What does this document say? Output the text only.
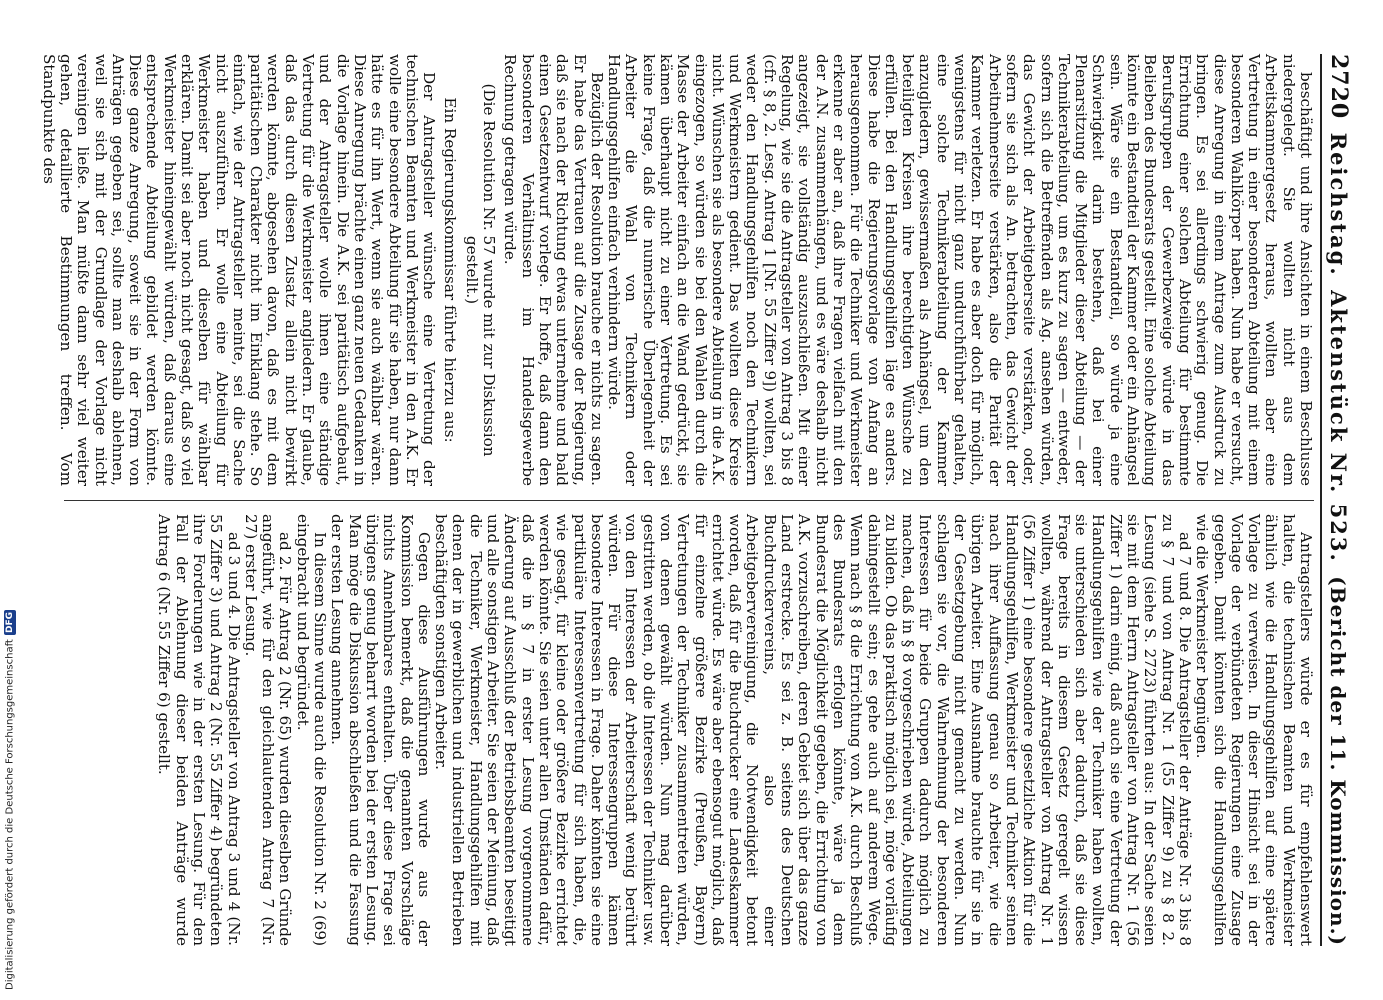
Digitalisierung gefördert durch die Deutsche Forschungsgemeinschaft
DFG
2720
Reichstag.
Aktenstück Nr. 523.
(Bericht der 11. Kommission.)

beschäftigt und ihre Ansichten in einem Beschlusse niedergelegt. Sie wollten nicht aus dem Arbeitskammergesetz heraus, wollten aber eine Vertretung in einer besonderen Abteilung mit einem besonderen Wahlkörper haben. Nun habe er versucht, diese Anregung in einem Antrage zum Ausdruck zu bringen. Es sei allerdings schwierig genug. Die Errichtung einer solchen Abteilung für bestimmte Berufsgruppen der Gewerbezweige würde in das Belieben des Bundesrats gestellt. Eine solche Abteilung könnte ein Bestandteil der Kammer oder ein Anhängsel sein. Wäre sie ein Bestandteil, so würde ja eine Schwierigkeit darin bestehen, daß bei einer Plenarsitzung die Mitglieder dieser Abteilung — der Technikerabteilung, um es kurz zu sagen — entweder, sofern sich die Betreffenden als Ag. ansehen würden, das Gewicht der Arbeitgeberseite verstärken, oder, sofern sie sich als An. betrachten, das Gewicht der Arbeitnehmerseite verstärken, also die Parität der Kammer verletzen. Er habe es aber doch für möglich, wenigstens für nicht ganz undurchführbar gehalten, eine solche Technikerabteilung der Kammer anzugliedern, gewissermaßen als Anhängsel, um den beteiligten Kreisen ihre berechtigten Wünsche zu erfüllen. Bei den Handlungsgehilfen läge es anders. Diese habe die Regierungsvorlage von Anfang an herausgenommen. Für die Techniker und Werkmeister erkenne er aber an, daß ihre Fragen vielfach mit den der A.N. zusammenhängen, und es wäre deshalb nicht angezeigt, sie vollständig auszuschließen. Mit einer Regelung, wie sie die Antragsteller von Antrag 3 bis 8 (cfr. § 8, 2. Lesg. Antrag 1 [Nr. 55 Ziffer 9]) wollten, sei weder den Handlungsgehilfen noch den Technikern und Werkmeistern gedient. Das wollten diese Kreise nicht. Wünschen sie als besondere Abteilung in die A.K. eingezogen, so würden sie bei den Wahlen durch die Masse der Arbeiter einfach an die Wand gedrückt, sie kämen überhaupt nicht zu einer Vertretung. Es sei keine Frage, daß die numerische Überlegenheit der Arbeiter die Wahl von Technikern oder Handlungsgehilfen einfach verhindern würde.

Bezüglich der Resolution brauche er nichts zu sagen. Er habe das Vertrauen auf die Zusage der Regierung, daß sie nach der Richtung etwas unternehme und bald einen Gesetzentwurf vorlege. Er hoffe, daß dann den besonderen Verhältnissen im Handelsgewerbe Rechnung getragen würde.

(Die Resolution Nr. 57 wurde mit zur Diskussion gestellt.)

Ein Regierungskommissar führte hierzu aus:

Der Antragsteller wünsche eine Vertretung der technischen Beamten und Werkmeister in den A.K. Er wolle eine besondere Abteilung für sie haben, nur dann hätte es für ihn Wert, wenn sie auch wählbar wären. Diese Anregung brächte einen ganz neuen Gedanken in die Vorlage hinein. Die A.K. sei paritätisch aufgebaut, und der Antragsteller wolle ihnen eine ständige Vertretung für die Werkmeister angliedern. Er glaube, daß das durch diesen Zusatz allein nicht bewirkt werden könnte, abgesehen davon, daß es mit dem paritätischen Charakter nicht im Einklang stehe. So einfach, wie der Antragsteller meinte, sei die Sache nicht auszuführen. Er wolle eine Abteilung für Werkmeister haben und dieselben für wählbar erklären. Damit sei aber noch nicht gesagt, daß so viel Werkmeister hineingewählt würden, daß daraus eine entsprechende Abteilung gebildet werden könnte. Diese ganze Anregung, soweit sie in der Form von Anträgen gegeben sei, sollte man deshalb ablehnen, weil sie sich mit der Grundlage der Vorlage nicht vereinigen ließe. Man müßte dann sehr viel weiter gehen, detaillierte Bestimmungen treffen. Vom Standpunkte des

Antragstellers würde er es für empfehlenswert halten, die technischen Beamten und Werkmeister ähnlich wie die Handlungsgehilfen auf eine spätere Vorlage zu verweisen. In dieser Hinsicht sei in der Vorlage der verbündeten Regierungen eine Zusage gegeben. Damit könnten sich die Handlungsgehilfen wie die Werkmeister begnügen.

ad 7 und 8. Die Antragsteller der Anträge Nr. 3 bis 8 zu § 7 und von Antrag Nr. 1 (55 Ziffer 9) zu § 8 2. Lesung (siehe S. 2723) führten aus: In der Sache seien sie mit dem Herrn Antragsteller von Antrag Nr. 1 (56 Ziffer 1) darin einig, daß auch sie eine Vertretung der Handlungsgehilfen wie der Techniker haben wollten, sie unterschieden sich aber dadurch, daß sie diese Frage bereits in diesem Gesetz geregelt wissen wollten, während der Antragsteller von Antrag Nr. 1 (56 Ziffer 1) eine besondere gesetzliche Aktion für die Handlungsgehilfen, Werkmeister und Techniker seinen nach ihrer Auffassung genau so Arbeiter, wie die übrigen Arbeiter. Eine Ausnahme brauchte für sie in der Gesetzgebung nicht gemacht zu werden. Nun schlagen sie vor, die Wahrnehmung der besonderen Interessen für beide Gruppen dadurch möglich zu machen, daß in § 8 vorgeschrieben würde, Abteilungen zu bilden. Ob das praktisch möglich sei, möge vorläufig dahingestellt sein; es gehe auch auf anderem Wege. Wenn nach § 8 die Errichtung von A.K. durch Beschluß des Bundesrats erfolgen könnte, wäre ja dem Bundesrat die Möglichkeit gegeben, die Errichtung von A.K. vorzuschreiben, deren Gebiet sich über das ganze Land erstrecke. Es sei z. B. seitens des Deutschen Buchdruckervereins, also einer Arbeitgebervereinigung, die Notwendigkeit betont worden, daß für die Buchdrucker eine Landeskammer errichtet würde. Es wäre aber ebensogut möglich, daß für einzelne größere Bezirke (Preußen, Bayern) Vertretungen der Techniker zusammentreten würden, von denen gewählt würden. Nun mag darüber gestritten werden, ob die Interessen der Techniker usw. von den Interessen der Arbeiterschaft wenig berührt würden. Für diese Interessengruppen kämen besondere Interessen in Frage. Daher könnten sie eine partikuläre Interessenvertretung für sich haben, die, wie gesagt, für kleine oder größere Bezirke errichtet werden könnte. Sie seien unter allen Umständen dafür, daß die in § 7 in erster Lesung vorgenommene Änderung auf Ausschluß der Betriebsbeamten beseitigt und alle sonstigen Arbeiter. Sie seien der Meinung, daß die Techniker, Werkmeister, Handlungsgehilfen mit denen der in gewerblichen und industriellen Betrieben beschäftigten sonstigen Arbeiter.

Gegen diese Ausführungen wurde aus der Kommission bemerkt, daß die genannten Vorschläge nichts Annehmbares enthalten. Über diese Frage sei übrigens genug beharrt worden bei der ersten Lesung. Man möge die Diskussion abschließen und die Fassung der ersten Lesung annehmen.

In diesem Sinne wurde auch die Resolution Nr. 2 (69) eingebracht und begründet.

ad 2. Für Antrag 2 (Nr. 65) wurden dieselben Gründe angeführt, wie für den gleichlautenden Antrag 7 (Nr. 27) erster Lesung.

ad 3 und 4. Die Antragsteller von Antrag 3 und 4 (Nr. 55 Ziffer 3) und Antrag 2 (Nr. 55 Ziffer 4) begründeten ihre Forderungen wie in der ersten Lesung. Für den Fall der Ablehnung dieser beiden Anträge wurde Antrag 6 (Nr. 55 Ziffer 6) gestellt.
